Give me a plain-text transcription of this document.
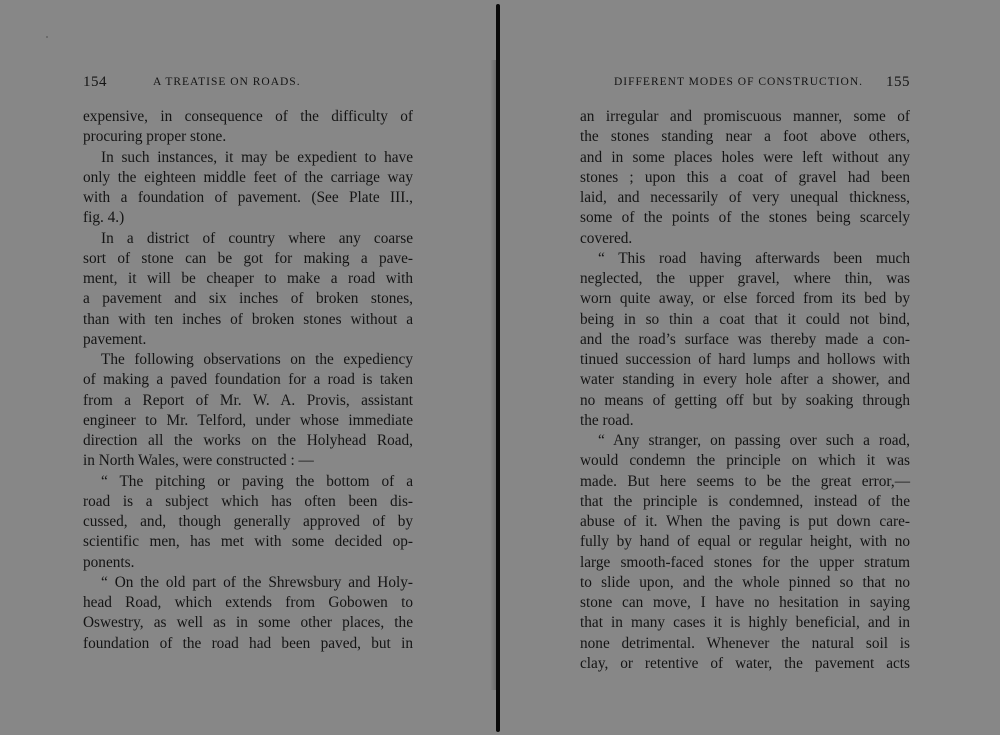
154	A TREATISE ON ROADS.
expensive, in consequence of the difficulty of
procuring proper stone.
In such instances, it may be expedient to have
only the eighteen middle feet of the carriage way
with a foundation of pavement. (See Plate III.,
fig. 4.)
In a district of country where any coarse
sort of stone can be got for making a pave-
ment, it will be cheaper to make a road with
a pavement and six inches of broken stones,
than with ten inches of broken stones without a
pavement.
The following observations on the expediency
of making a paved foundation for a road is taken
from a Report of Mr. W. A. Provis, assistant
engineer to Mr. Telford, under whose immediate
direction all the works on the Holyhead Road,
in North Wales, were constructed : —
“ The pitching or paving the bottom of a
road is a subject which has often been dis-
cussed, and, though generally approved of by
scientific men, has met with some decided op-
ponents.
“ On the old part of the Shrewsbury and Holy-
head Road, which extends from Gobowen to
Oswestry, as well as in some other places, the
foundation of the road had been paved, but in
DIFFERENT MODES OF CONSTRUCTION. 155
an irregular and promiscuous manner, some of
the stones standing near a foot above others,
and in some places holes were left without any
stones ; upon this a coat of gravel had been
laid, and necessarily of very unequal thickness,
some of the points of the stones being scarcely
covered.
“ This road having afterwards been much
neglected, the upper gravel, where thin, was
worn quite away, or else forced from its bed by
being in so thin a coat that it could not bind,
and the road’s surface was thereby made a con-
tinued succession of hard lumps and hollows with
water standing in every hole after a shower, and
no means of getting off but by soaking through
the road.
“ Any stranger, on passing over such a road,
would condemn the principle on which it was
made. But here seems to be the great error,—
that the principle is condemned, instead of the
abuse of it. When the paving is put down care-
fully by hand of equal or regular height, with no
large smooth-faced stones for the upper stratum
to slide upon, and the whole pinned so that no
stone can move, I have no hesitation in saying
that in many cases it is highly beneficial, and in
none detrimental. Whenever the natural soil is
clay, or retentive of water, the pavement acts
